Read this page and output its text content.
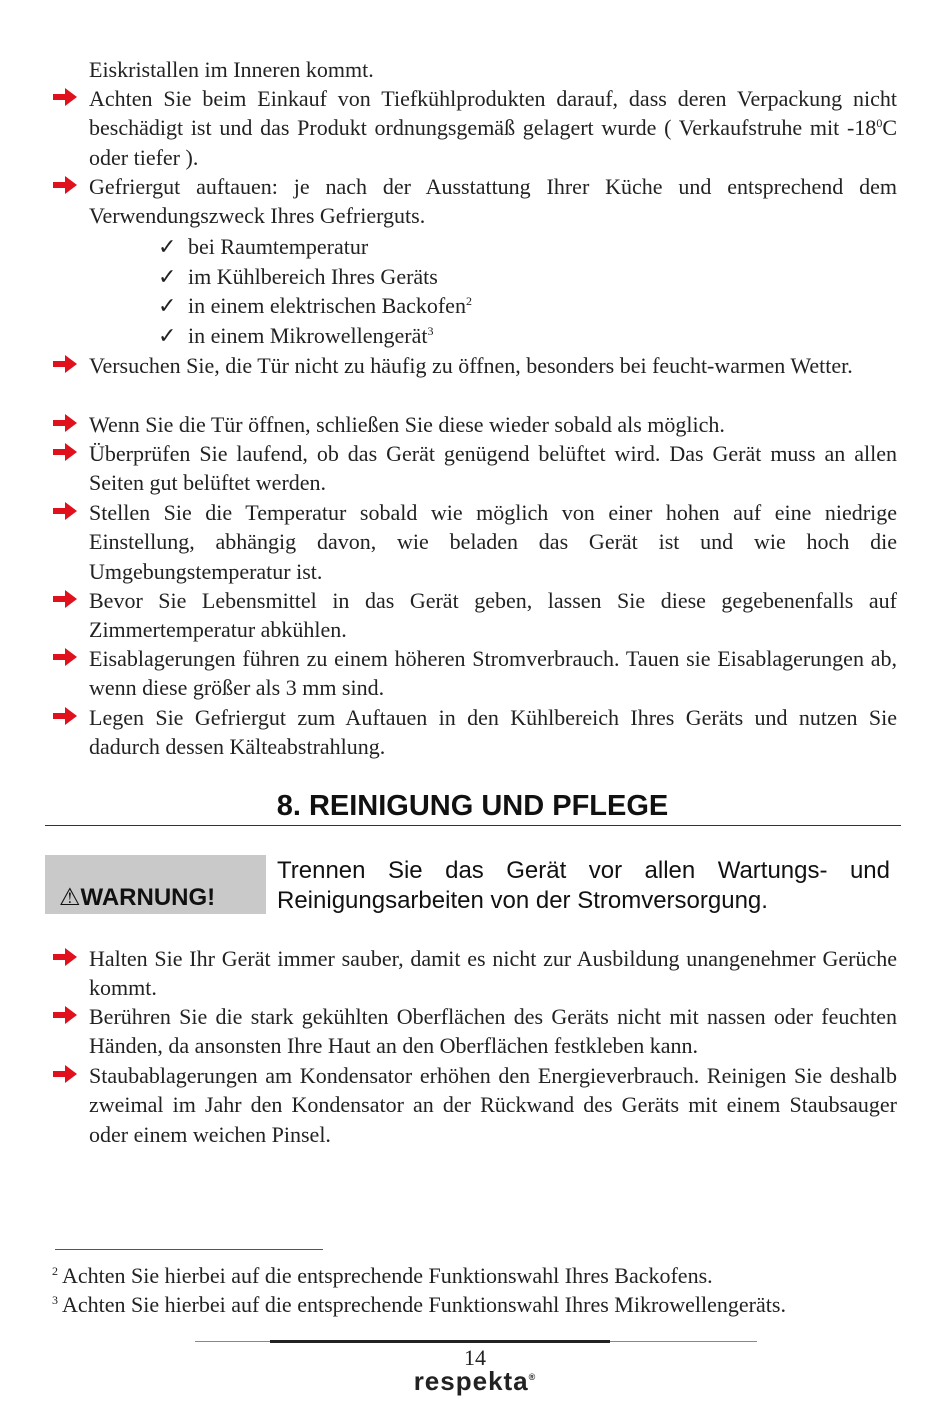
Eiskristallen im Inneren kommt.
Achten Sie beim Einkauf von Tiefkühlprodukten darauf, dass deren Verpackung nicht beschädigt ist und das Produkt ordnungsgemäß gelagert wurde ( Verkaufstruhe mit $-18^0C$ oder tiefer ).
Gefriergut auftauen: je nach der Ausstattung Ihrer Küche und entsprechend dem Verwendungszweck Ihres Gefrierguts.
✓ bei Raumtemperatur
✓ im Kühlbereich Ihres Geräts
✓ in einem elektrischen Backofen$^2$
✓ in einem Mikrowellengerät$^3$
Versuchen Sie, die Tür nicht zu häufig zu öffnen, besonders bei feucht-warmen Wetter.
Wenn Sie die Tür öffnen, schließen Sie diese wieder sobald als möglich.
Überprüfen Sie laufend, ob das Gerät genügend belüftet wird. Das Gerät muss an allen Seiten gut belüftet werden.
Stellen Sie die Temperatur sobald wie möglich von einer hohen auf eine niedrige Einstellung, abhängig davon, wie beladen das Gerät ist und wie hoch die Umgebungstemperatur ist.
Bevor Sie Lebensmittel in das Gerät geben, lassen Sie diese gegebenenfalls auf Zimmertemperatur abkühlen.
Eisablagerungen führen zu einem höheren Stromverbrauch. Tauen sie Eisablagerungen ab, wenn diese größer als 3 mm sind.
Legen Sie Gefriergut zum Auftauen in den Kühlbereich Ihres Geräts und nutzen Sie dadurch dessen Kälteabstrahlung.
8. REINIGUNG UND PFLEGE
⚠WARNUNG!
Trennen Sie das Gerät vor allen Wartungs- und Reinigungsarbeiten von der Stromversorgung.
Halten Sie Ihr Gerät immer sauber, damit es nicht zur Ausbildung unangenehmer Gerüche kommt.
Berühren Sie die stark gekühlten Oberflächen des Geräts nicht mit nassen oder feuchten Händen, da ansonsten Ihre Haut an den Oberflächen festkleben kann.
Staubablagerungen am Kondensator erhöhen den Energieverbrauch. Reinigen Sie deshalb zweimal im Jahr den Kondensator an der Rückwand des Geräts mit einem Staubsauger oder einem weichen Pinsel.
$^2$ Achten Sie hierbei auf die entsprechende Funktionswahl Ihres Backofens.
$^3$ Achten Sie hierbei auf die entsprechende Funktionswahl Ihres Mikrowellengeräts.
14
respekta®
